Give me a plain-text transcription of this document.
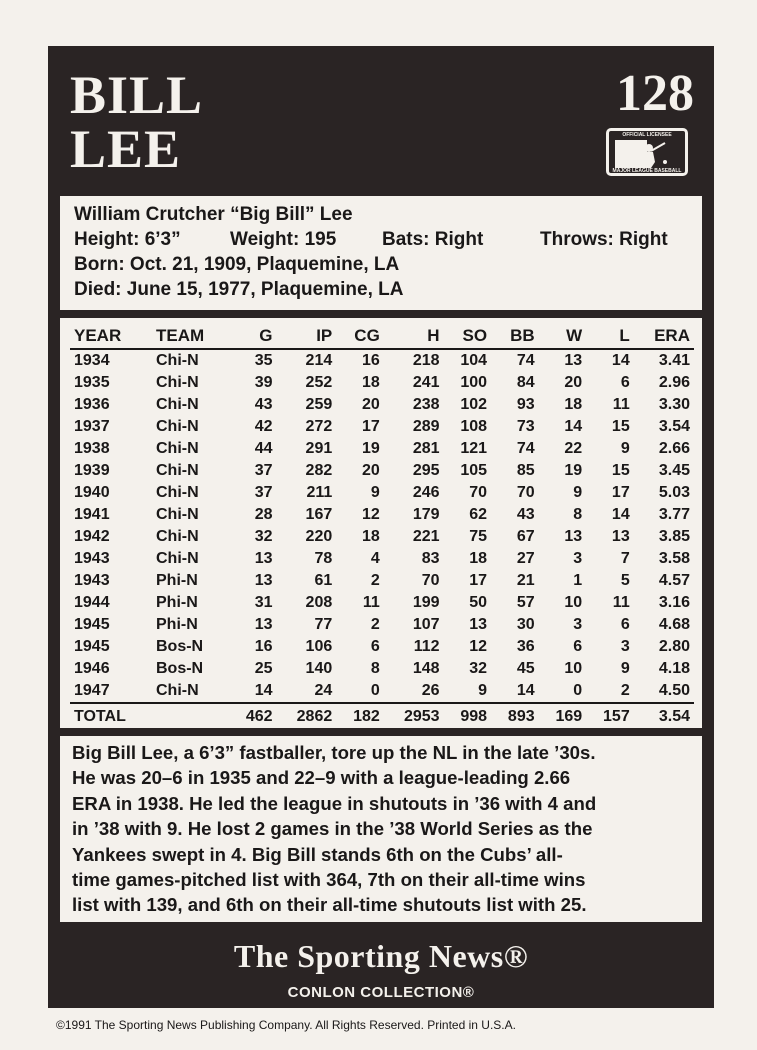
BILL
LEE
128
OFFICIAL LICENSEE
MAJOR LEAGUE BASEBALL
William Crutcher “Big Bill” Lee
Height: 6’3”	Weight: 195 Bats: Right	Throws: Right
Born: Oct. 21, 1909, Plaquemine, LA
Died: June 15, 1977, Plaquemine, LA
YEAR	TEAM	G	IP	CG	H	SO	BB	W	L	ERA
1934	Chi-N	35	214	16	218	104	74	13	14	3.41
1935	Chi-N	39	252	18	241	100	84	20	6	2.96
1936	Chi-N	43	259	20	238	102	93	18	11	3.30
1937	Chi-N	42	272	17	289	108	73	14	15	3.54
1938	Chi-N	44	291	19	281	121	74	22	9	2.66
1939	Chi-N	37	282	20	295	105	85	19	15	3.45
1940	Chi-N	37	211	9	246	70	70	9	17	5.03
1941	Chi-N	28	167	12	179	62	43	8	14	3.77
1942	Chi-N	32	220	18	221	75	67	13	13	3.85
1943	Chi-N	13	78	4	83	18	27	3	7	3.58
1943	Phi-N	13	61	2	70	17	21	1	5	4.57
1944	Phi-N	31	208	11	199	50	57	10	11	3.16
1945	Phi-N	13	77	2	107	13	30	3	6	4.68
1945	Bos-N	16	106	6	112	12	36	6	3	2.80
1946	Bos-N	25	140	8	148	32	45	10	9	4.18
1947	Chi-N	14	24	0	26	9	14	0	2	4.50
TOTAL		462	2862	182	2953	998	893	169	157	3.54
Big Bill Lee, a 6’3” fastballer, tore up the NL in the late ’30s.
He was 20–6 in 1935 and 22–9 with a league-leading 2.66
ERA in 1938. He led the league in shutouts in ’36 with 4 and
in ’38 with 9. He lost 2 games in the ’38 World Series as the
Yankees swept in 4. Big Bill stands 6th on the Cubs’ all-
time games-pitched list with 364, 7th on their all-time wins
list with 139, and 6th on their all-time shutouts list with 25.
The Sporting News®
CONLON COLLECTION®
©1991 The Sporting News Publishing Company. All Rights Reserved. Printed in U.S.A.
